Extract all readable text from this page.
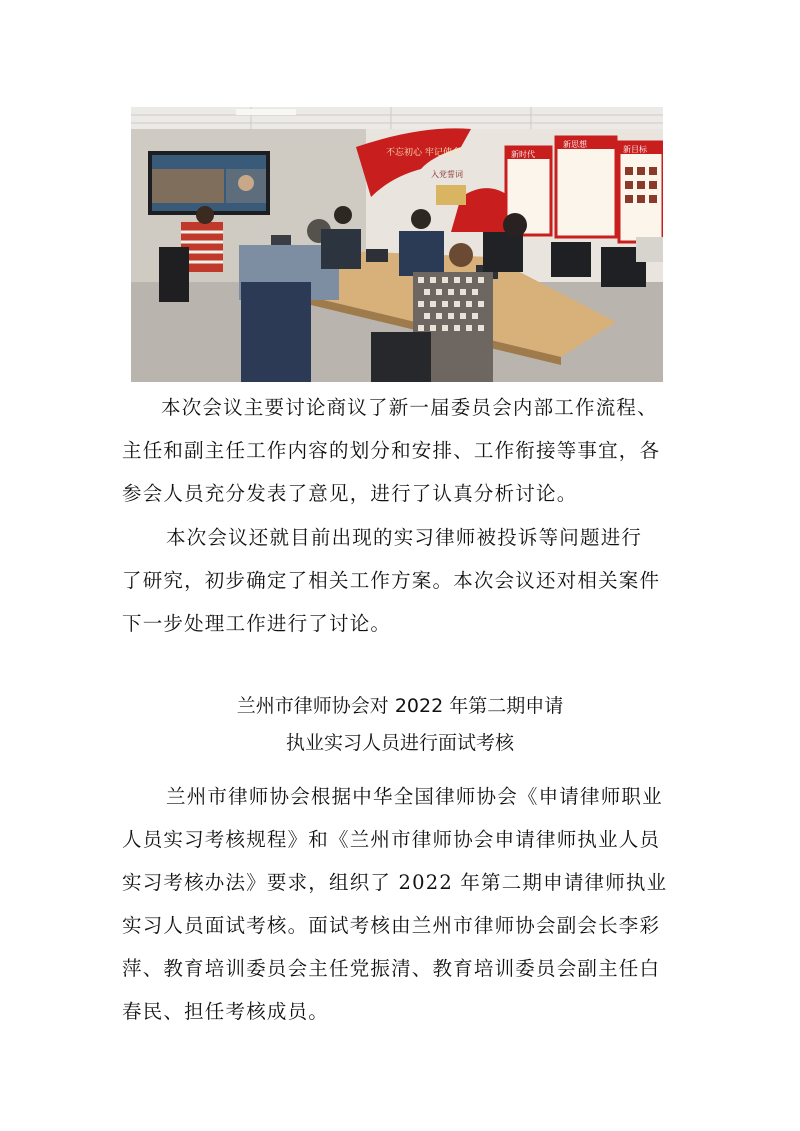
不忘初心 牢记使命
入党誓词
新时代
新思想
新目标
本次会议主要讨论商议了新一届委员会内部工作流程、
主任和副主任工作内容的划分和安排、工作衔接等事宜，各
参会人员充分发表了意见，进行了认真分析讨论。
本次会议还就目前出现的实习律师被投诉等问题进行
了研究，初步确定了相关工作方案。本次会议还对相关案件
下一步处理工作进行了讨论。
兰州市律师协会对 2022 年第二期申请
执业实习人员进行面试考核
兰州市律师协会根据中华全国律师协会《申请律师职业
人员实习考核规程》和《兰州市律师协会申请律师执业人员
实习考核办法》要求，组织了 2022 年第二期申请律师执业
实习人员面试考核。面试考核由兰州市律师协会副会长李彩
萍、教育培训委员会主任党振清、教育培训委员会副主任白
春民、担任考核成员。
